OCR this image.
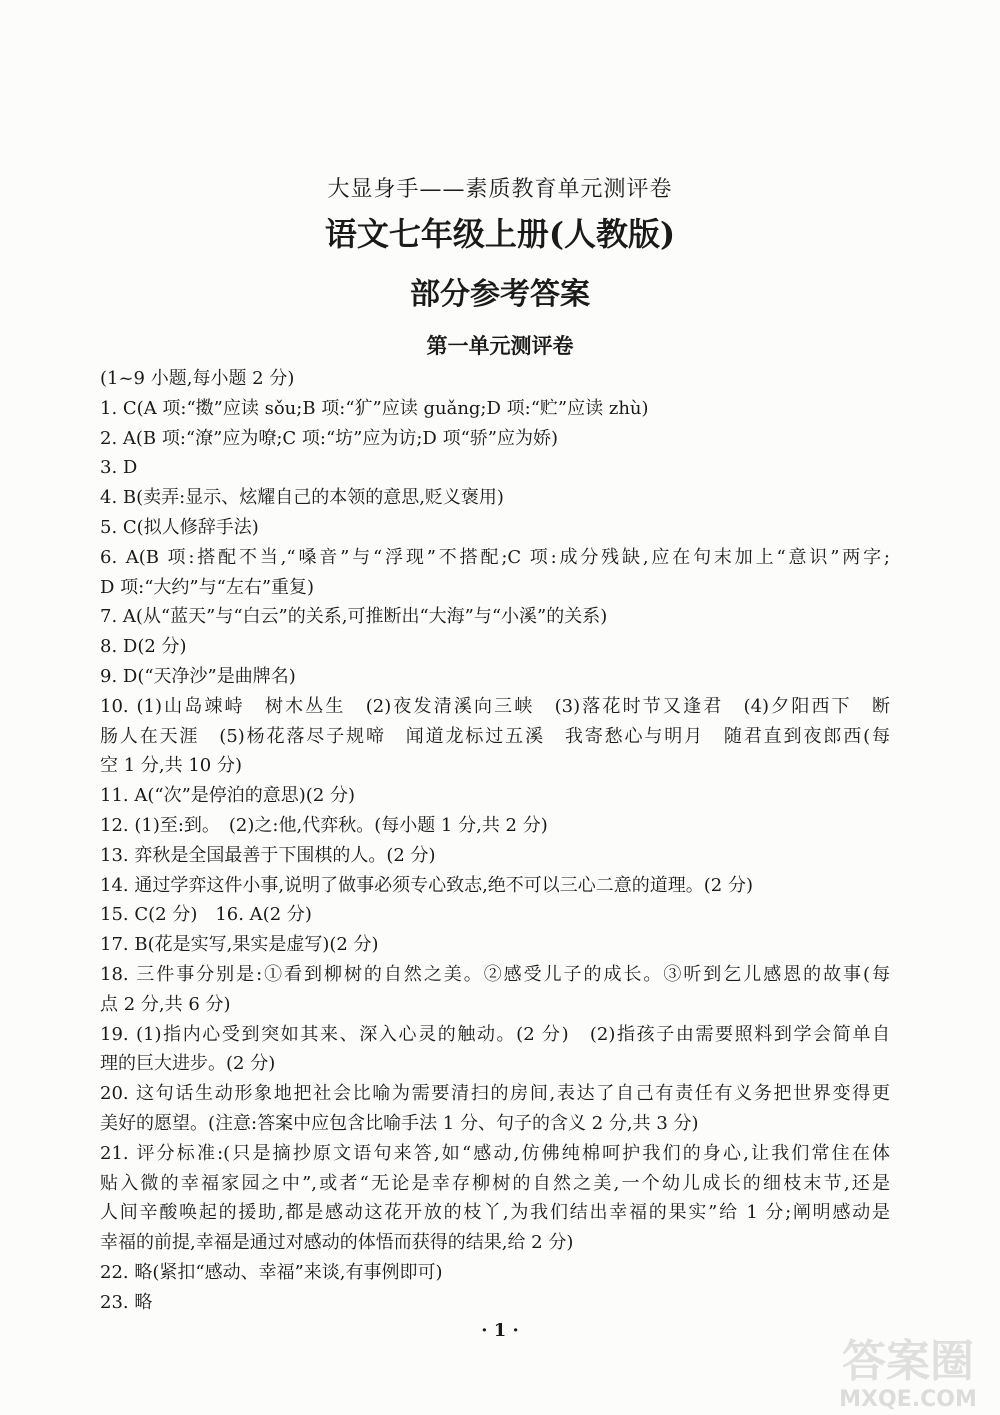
大显身手——素质教育单元测评卷
语文七年级上册(人教版)
部分参考答案
第一单元测评卷
(1~9 小题,每小题 2 分)
1. C(A 项:“擞”应读 sǒu;B 项:“犷”应读 guǎng;D 项:“贮”应读 zhù)
2. A(B 项:“潦”应为嘹;C 项:“坊”应为访;D 项“骄”应为娇)
3. D
4. B(卖弄:显示、炫耀自己的本领的意思,贬义褒用)
5. C(拟人修辞手法)
6. A(B 项:搭配不当,“嗓音”与“浮现”不搭配;C 项:成分残缺,应在句末加上“意识”两字;
D 项:“大约”与“左右”重复)
7. A(从“蓝天”与“白云”的关系,可推断出“大海”与“小溪”的关系)
8. D(2 分)
9. D(“天净沙”是曲牌名)
10. (1)山岛竦峙　树木丛生　(2)夜发清溪向三峡　(3)落花时节又逢君　(4)夕阳西下　断
肠人在天涯　(5)杨花落尽子规啼　闻道龙标过五溪　我寄愁心与明月　随君直到夜郎西(每
空 1 分,共 10 分)
11. A(“次”是停泊的意思)(2 分)
12. (1)至:到。　(2)之:他,代弈秋。(每小题 1 分,共 2 分)
13. 弈秋是全国最善于下围棋的人。(2 分)
14. 通过学弈这件小事,说明了做事必须专心致志,绝不可以三心二意的道理。(2 分)
15. C(2 分)　16. A(2 分)
17. B(花是实写,果实是虚写)(2 分)
18. 三件事分别是:①看到柳树的自然之美。②感受儿子的成长。③听到乞儿感恩的故事(每
点 2 分,共 6 分)
19. (1)指内心受到突如其来、深入心灵的触动。(2 分)　(2)指孩子由需要照料到学会简单自
理的巨大进步。(2 分)
20. 这句话生动形象地把社会比喻为需要清扫的房间,表达了自己有责任有义务把世界变得更
美好的愿望。(注意:答案中应包含比喻手法 1 分、句子的含义 2 分,共 3 分)
21. 评分标准:(只是摘抄原文语句来答,如“感动,仿佛纯棉呵护我们的身心,让我们常住在体
贴入微的幸福家园之中”,或者“无论是幸存柳树的自然之美,一个幼儿成长的细枝末节,还是
人间辛酸唤起的援助,都是感动这花开放的枝丫,为我们结出幸福的果实”给 1 分;阐明感动是
幸福的前提,幸福是通过对感动的体悟而获得的结果,给 2 分)
22. 略(紧扣“感动、幸福”来谈,有事例即可)
23. 略
· 1 ·
答案圈
MXQE.COM
